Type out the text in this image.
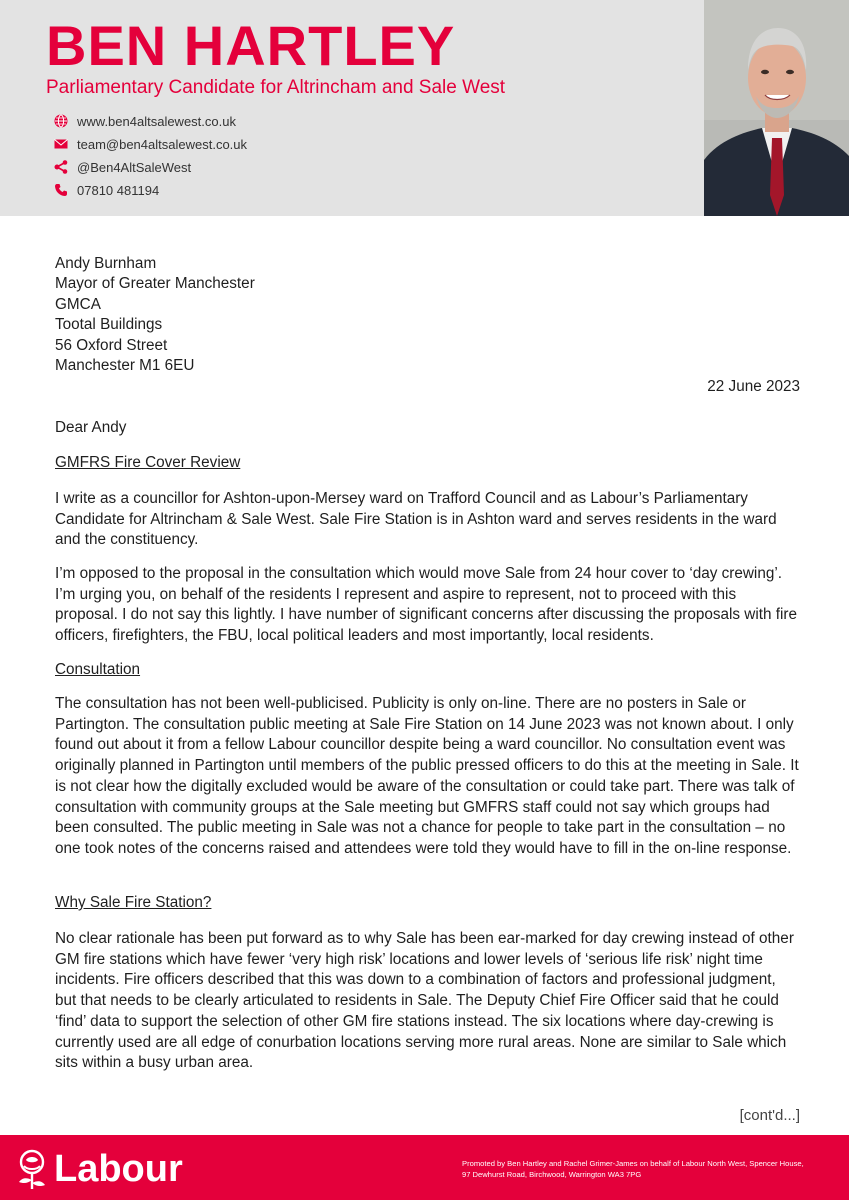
BEN HARTLEY
Parliamentary Candidate for Altrincham and Sale West
www.ben4altsalewest.co.uk
team@ben4altsalewest.co.uk
@Ben4AltSaleWest
07810 481194
Andy Burnham
Mayor of Greater Manchester
GMCA
Tootal Buildings
56 Oxford Street
Manchester M1 6EU
22 June 2023
Dear Andy
GMFRS Fire Cover Review

I write as a councillor for Ashton-upon-Mersey ward on Trafford Council and as Labour’s Parliamentary Candidate for Altrincham & Sale West. Sale Fire Station is in Ashton ward and serves residents in the ward and the constituency.

I’m opposed to the proposal in the consultation which would move Sale from 24 hour cover to ‘day crewing’. I’m urging you, on behalf of the residents I represent and aspire to represent, not to proceed with this proposal. I do not say this lightly. I have number of significant concerns after discussing the proposals with fire officers, firefighters, the FBU, local political leaders and most importantly, local residents.

Consultation

The consultation has not been well-publicised. Publicity is only on-line. There are no posters in Sale or Partington. The consultation public meeting at Sale Fire Station on 14 June 2023 was not known about. I only found out about it from a fellow Labour councillor despite being a ward councillor. No consultation event was originally planned in Partington until members of the public pressed officers to do this at the meeting in Sale. It is not clear how the digitally excluded would be aware of the consultation or could take part. There was talk of consultation with community groups at the Sale meeting but GMFRS staff could not say which groups had been consulted. The public meeting in Sale was not a chance for people to take part in the consultation – no one took notes of the concerns raised and attendees were told they would have to fill in the on-line response.

Why Sale Fire Station?

No clear rationale has been put forward as to why Sale has been ear-marked for day crewing instead of other GM fire stations which have fewer ‘very high risk’ locations and lower levels of ‘serious life risk’ night time incidents. Fire officers described that this was down to a combination of factors and professional judgment, but that needs to be clearly articulated to residents in Sale. The Deputy Chief Fire Officer said that he could ‘find’ data to support the selection of other GM fire stations instead. The six locations where day-crewing is currently used are all edge of conurbation locations serving more rural areas. None are similar to Sale which sits within a busy urban area.

[cont'd...]
Labour	Promoted by Ben Hartley and Rachel Grimer-James on behalf of Labour North West, Spencer House,
97 Dewhurst Road, Birchwood, Warrington WA3 7PG
